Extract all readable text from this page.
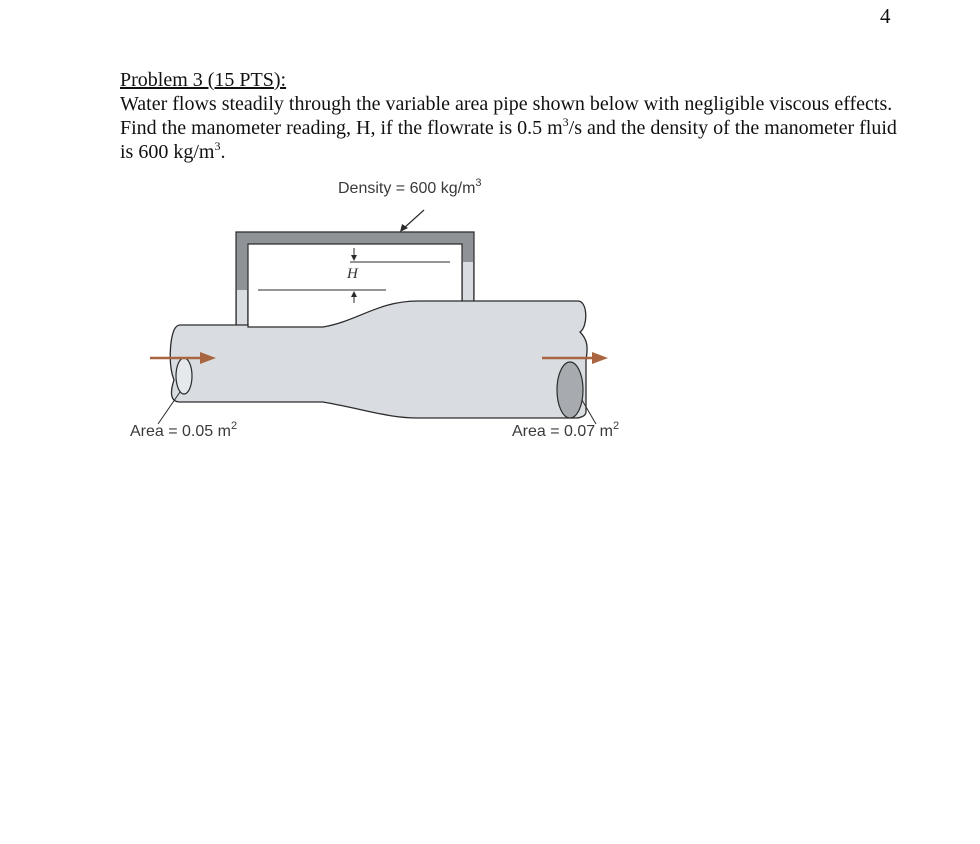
4
Problem 3 (15 PTS):
Water flows steadily through the variable area pipe shown below with negligible viscous effects. Find the manometer reading, H, if the flowrate is 0.5 $m^3/s$ and the density of the manometer fluid is 600 $kg/m^3$.
Density = 600 $kg/m^3$
H
Area = 0.05 $m^2$	Area = 0.07 $m^2$
